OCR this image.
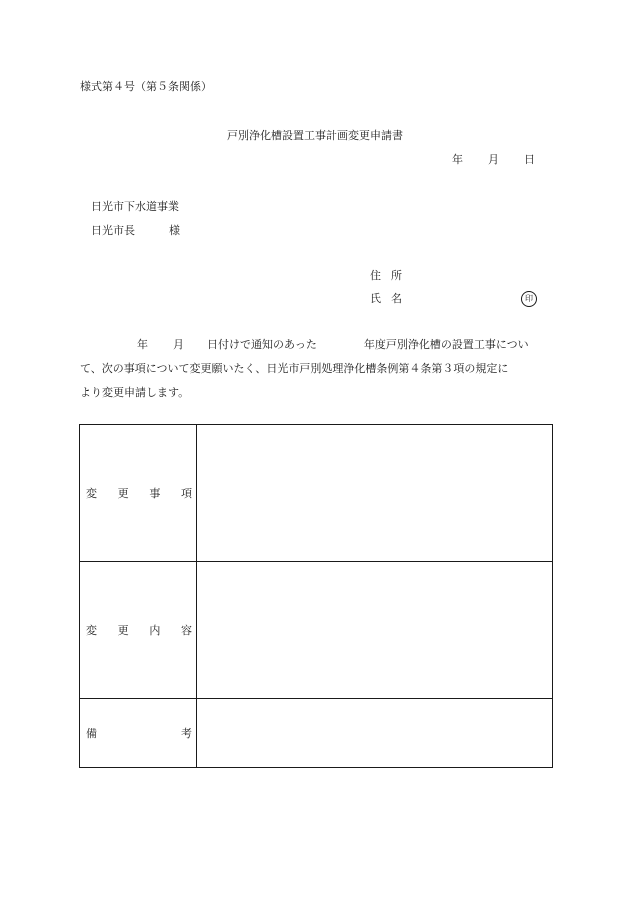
様式第４号（第５条関係）
戸別浄化槽設置工事計画変更申請書
年 月 日
日光市下水道事業
日光市長	様
住 所
氏 名	印
年 月 日付けで通知のあった	年度戸別浄化槽の設置工事につい
て、次の事項について変更願いたく、日光市戸別処理浄化槽条例第４条第３項の規定に
より変更申請します。
変 更 事 項	

変 更 内 容	

備 考	
